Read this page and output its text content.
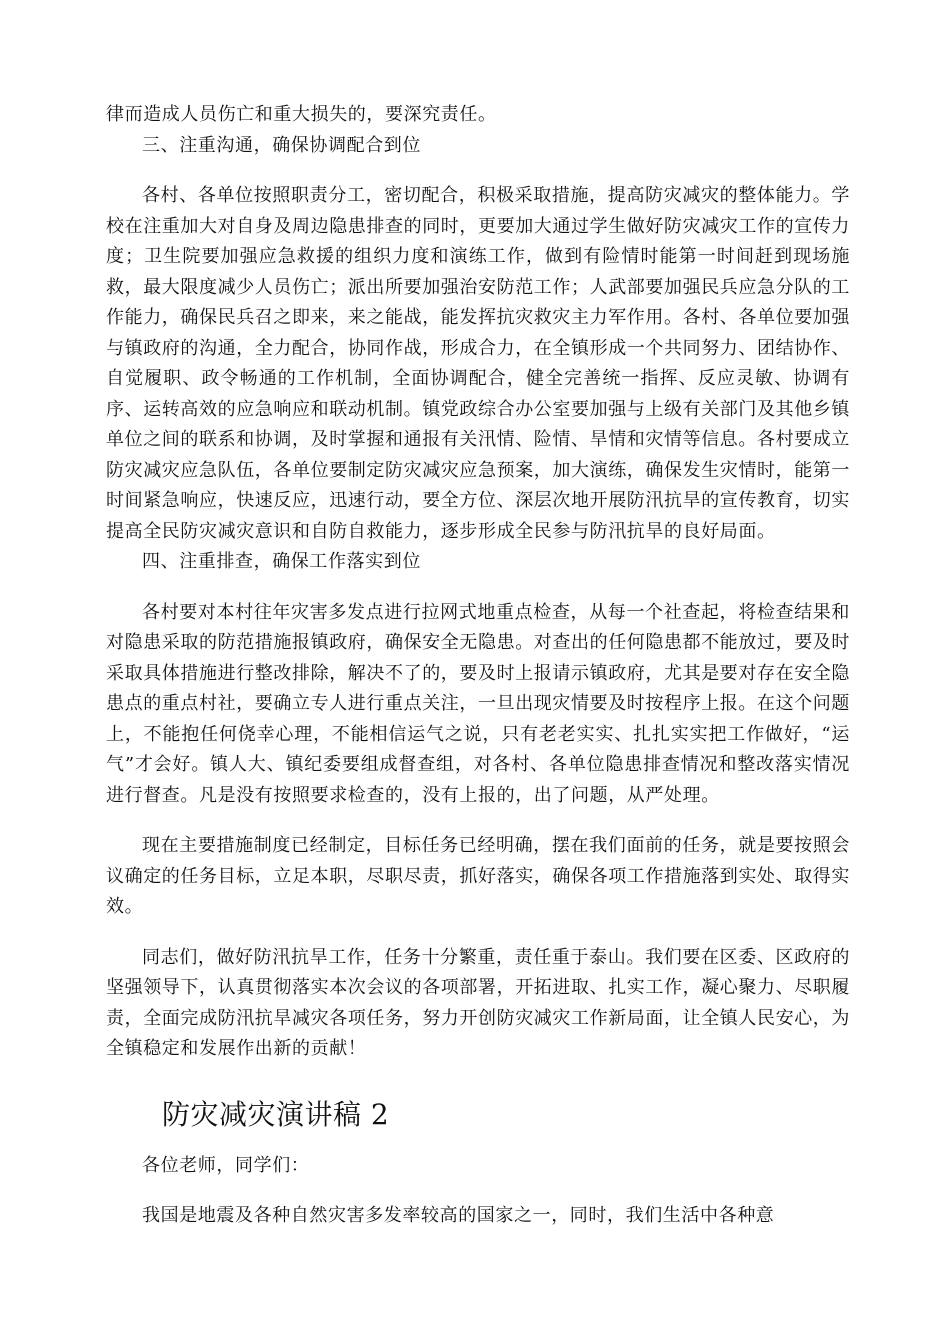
律而造成人员伤亡和重大损失的，要深究责任。

三、注重沟通，确保协调配合到位

各村、各单位按照职责分工，密切配合，积极采取措施，提高防灾减灾的整体能力。学校在注重加大对自身及周边隐患排查的同时，更要加大通过学生做好防灾减灾工作的宣传力度；卫生院要加强应急救援的组织力度和演练工作，做到有险情时能第一时间赶到现场施救，最大限度减少人员伤亡；派出所要加强治安防范工作；人武部要加强民兵应急分队的工作能力，确保民兵召之即来，来之能战，能发挥抗灾救灾主力军作用。各村、各单位要加强与镇政府的沟通，全力配合，协同作战，形成合力，在全镇形成一个共同努力、团结协作、自觉履职、政令畅通的工作机制，全面协调配合，健全完善统一指挥、反应灵敏、协调有序、运转高效的应急响应和联动机制。镇党政综合办公室要加强与上级有关部门及其他乡镇单位之间的联系和协调，及时掌握和通报有关汛情、险情、旱情和灾情等信息。各村要成立防灾减灾应急队伍，各单位要制定防灾减灾应急预案，加大演练，确保发生灾情时，能第一时间紧急响应，快速反应，迅速行动，要全方位、深层次地开展防汛抗旱的宣传教育，切实提高全民防灾减灾意识和自防自救能力，逐步形成全民参与防汛抗旱的良好局面。

四、注重排查，确保工作落实到位

各村要对本村往年灾害多发点进行拉网式地重点检查，从每一个社查起，将检查结果和对隐患采取的防范措施报镇政府，确保安全无隐患。对查出的任何隐患都不能放过，要及时采取具体措施进行整改排除，解决不了的，要及时上报请示镇政府，尤其是要对存在安全隐患点的重点村社，要确立专人进行重点关注，一旦出现灾情要及时按程序上报。在这个问题上，不能抱任何侥幸心理，不能相信运气之说，只有老老实实、扎扎实实把工作做好，“运气”才会好。镇人大、镇纪委要组成督查组，对各村、各单位隐患排查情况和整改落实情况进行督查。凡是没有按照要求检查的，没有上报的，出了问题，从严处理。

现在主要措施制度已经制定，目标任务已经明确，摆在我们面前的任务，就是要按照会议确定的任务目标，立足本职，尽职尽责，抓好落实，确保各项工作措施落到实处、取得实效。

同志们，做好防汛抗旱工作，任务十分繁重，责任重于泰山。我们要在区委、区政府的坚强领导下，认真贯彻落实本次会议的各项部署，开拓进取、扎实工作，凝心聚力、尽职履责，全面完成防汛抗旱减灾各项任务，努力开创防灾减灾工作新局面，让全镇人民安心，为全镇稳定和发展作出新的贡献！

防灾减灾演讲稿 2

各位老师，同学们：

我国是地震及各种自然灾害多发率较高的国家之一，同时，我们生活中各种意
